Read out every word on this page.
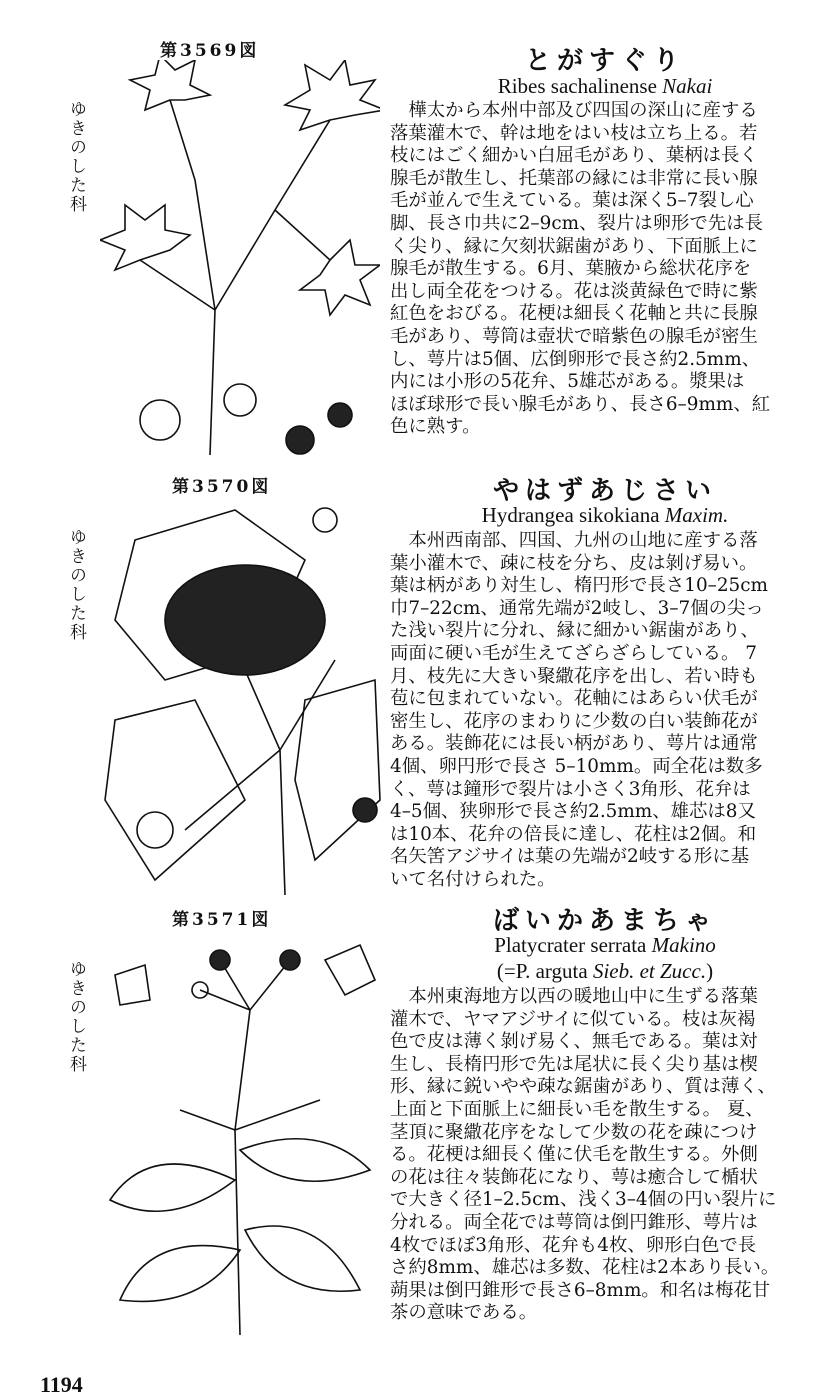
第3569図
ゆきのした科
とがすぐり
Ribes sachalinense Nakai
　樺太から本州中部及び四国の深山に産する
落葉灌木で、幹は地をはい枝は立ち上る。若
枝にはごく細かい白屈毛があり、葉柄は長く
腺毛が散生し、托葉部の縁には非常に長い腺
毛が並んで生えている。葉は深く5–7裂し心
脚、長さ巾共に2–9cm、裂片は卵形で先は長
く尖り、縁に欠刻状鋸歯があり、下面脈上に
腺毛が散生する。6月、葉腋から総状花序を
出し両全花をつける。花は淡黄緑色で時に紫
紅色をおびる。花梗は細長く花軸と共に長腺
毛があり、萼筒は壺状で暗紫色の腺毛が密生
し、萼片は5個、広倒卵形で長さ約2.5mm、
内には小形の5花弁、5雄芯がある。漿果は
ほぼ球形で長い腺毛があり、長さ6–9mm、紅
色に熟す。
第3570図
ゆきのした科
やはずあじさい
Hydrangea sikokiana Maxim.
　本州西南部、四国、九州の山地に産する落
葉小灌木で、疎に枝を分ち、皮は剝げ易い。
葉は柄があり対生し、楕円形で長さ10–25cm
巾7–22cm、通常先端が2岐し、3–7個の尖っ
た浅い裂片に分れ、縁に細かい鋸歯があり、
両面に硬い毛が生えてざらざらしている。 7
月、枝先に大きい聚繖花序を出し、若い時も
苞に包まれていない。花軸にはあらい伏毛が
密生し、花序のまわりに少数の白い装飾花が
ある。装飾花には長い柄があり、萼片は通常
4個、卵円形で長さ 5–10mm。両全花は数多
く、萼は鐘形で裂片は小さく3角形、花弁は
4–5個、狭卵形で長さ約2.5mm、雄芯は8又
は10本、花弁の倍長に達し、花柱は2個。和
名矢筈アジサイは葉の先端が2岐する形に基
いて名付けられた。
第3571図
ゆきのした科
ばいかあまちゃ
Platycrater serrata Makino
(=P. arguta Sieb. et Zucc.)
　本州東海地方以西の暖地山中に生ずる落葉
灌木で、ヤマアジサイに似ている。枝は灰褐
色で皮は薄く剝げ易く、無毛である。葉は対
生し、長楕円形で先は尾状に長く尖り基は楔
形、縁に鋭いやや疎な鋸歯があり、質は薄く、
上面と下面脈上に細長い毛を散生する。 夏、
茎頂に聚繖花序をなして少数の花を疎につけ
る。花梗は細長く僅に伏毛を散生する。外側
の花は往々装飾花になり、萼は癒合して楯状
で大きく径1–2.5cm、浅く3–4個の円い裂片に
分れる。両全花では萼筒は倒円錐形、萼片は
4枚でほぼ3角形、花弁も4枚、卵形白色で長
さ約8mm、雄芯は多数、花柱は2本あり長い。
蒴果は倒円錐形で長さ6–8mm。和名は梅花甘
茶の意味である。
1194
